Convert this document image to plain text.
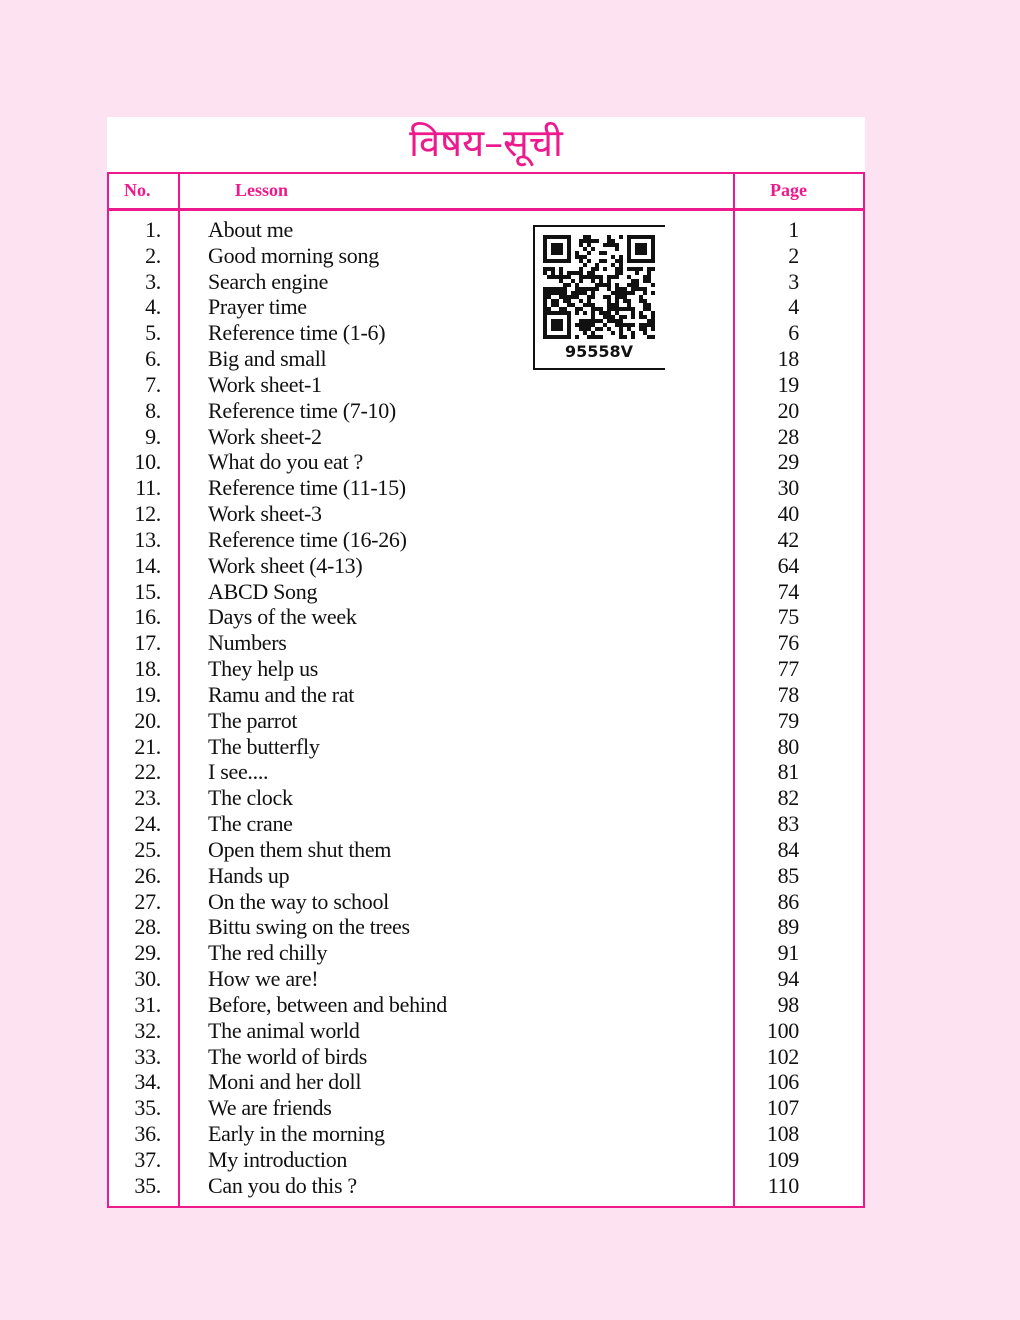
विषय–सूची
No.	Lesson	Page
1. About me	1
2. Good morning song	2
3. Search engine	3
4. Prayer time	4
5. Reference time (1-6)	6
6. Big and small	18
7. Work sheet-1	19
8. Reference time (7-10)	20
9. Work sheet-2	28
10. What do you eat ?	29
11. Reference time (11-15)	30
12. Work sheet-3	40
13. Reference time (16-26)	42
14. Work sheet (4-13)	64
15. ABCD Song	74
16. Days of the week	75
17. Numbers	76
18. They help us	77
19. Ramu and the rat	78
20. The parrot	79
21. The butterfly	80
22. I see....	81
23. The clock	82
24. The crane	83
25. Open them shut them	84
26. Hands up	85
27. On the way to school	86
28. Bittu swing on the trees	89
29. The red chilly	91
30. How we are!	94
31. Before, between and behind	98
32. The animal world	100
33. The world of birds	102
34. Moni and her doll	106
35. We are friends	107
36. Early in the morning	108
37. My introduction	109
35. Can you do this ?	110
95558V
